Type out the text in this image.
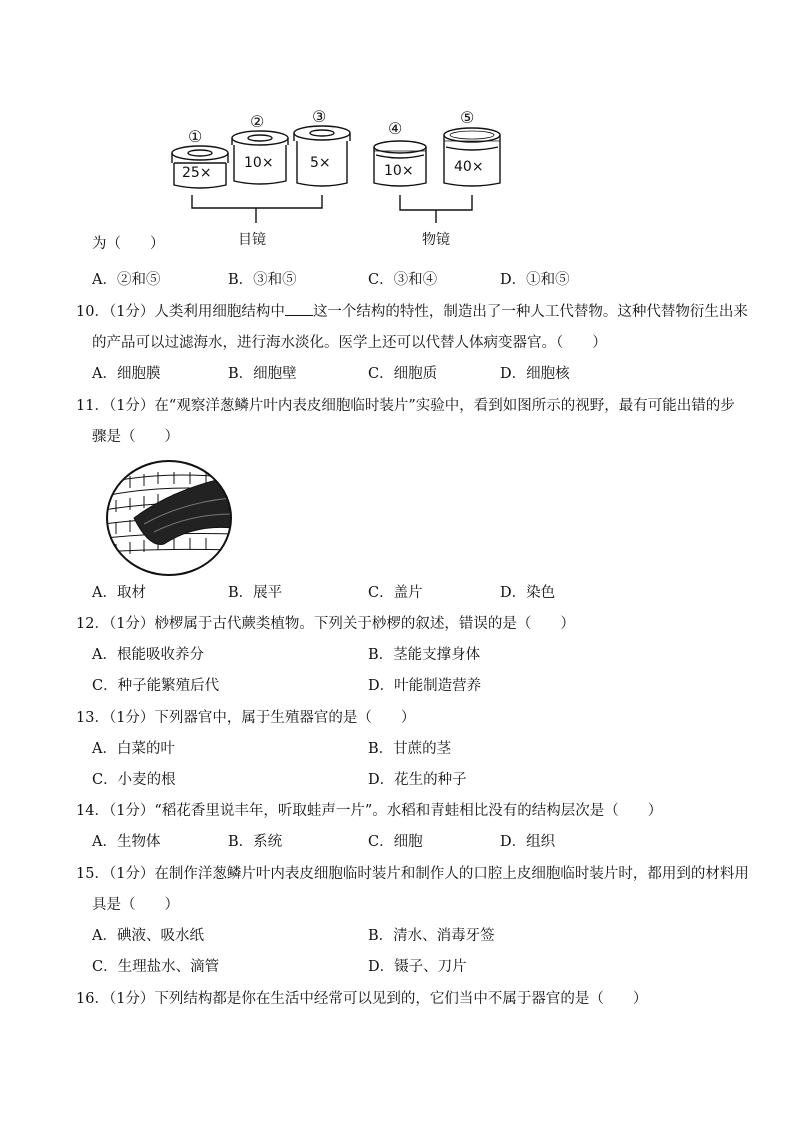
①
②	③
④
⑤
25×
10×	5×	10×	40×
目镜	物镜
为（　　）
A．②和⑤	B．③和⑤	C．③和④	D．①和⑤
10．（1分）人类利用细胞结构中 这一个结构的特性，制造出了一种人工代替物。这种代替物衍生出来
的产品可以过滤海水，进行海水淡化。医学上还可以代替人体病变器官。（　　）
A．细胞膜	B．细胞壁	C．细胞质	D．细胞核
11．（1分）在“观察洋葱鳞片叶内表皮细胞临时装片”实验中，看到如图所示的视野，最有可能出错的步
骤是（　　）
A．取材	B．展平	C．盖片	D．染色
12．（1分）桫椤属于古代蕨类植物。下列关于桫椤的叙述，错误的是（　　）
A．根能吸收养分	B．茎能支撑身体
C．种子能繁殖后代	D．叶能制造营养
13．（1分）下列器官中，属于生殖器官的是（　　）
A．白菜的叶	B．甘蔗的茎
C．小麦的根	D．花生的种子
14．（1分）“稻花香里说丰年，听取蛙声一片”。水稻和青蛙相比没有的结构层次是（　　）
A．生物体	B．系统	C．细胞	D．组织
15．（1分）在制作洋葱鳞片叶内表皮细胞临时装片和制作人的口腔上皮细胞临时装片时，都用到的材料用
具是（　　）
A．碘液、吸水纸	B．清水、消毒牙签
C．生理盐水、滴管	D．镊子、刀片
16．（1分）下列结构都是你在生活中经常可以见到的，它们当中不属于器官的是（　　）
